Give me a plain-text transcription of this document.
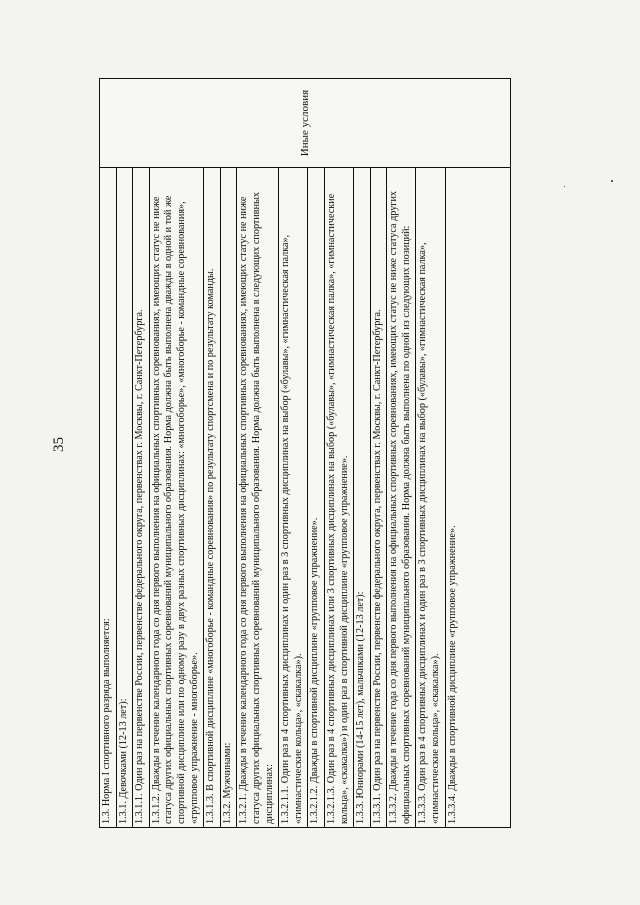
35
1.3. Норма I спортивного разряда выполняется: 1.3.1. Девочками (12-13 лет): 1.3.1.1. Один раз на первенстве России, первенстве федерального округа, первенствах г. Москвы, г. Санкт-Петербурга. 1.3.1.2. Дважды в течение календарного года со дня первого выполнения на официальных спортивных соревнованиях, имеющих статус не ниже статуса других официальных спортивных соревнований муниципального образования. Норма должна быть выполнена дважды в одной и той же спортивной дисциплине или по одному разу в двух разных спортивных дисциплинах: «многоборье», «многоборье - командные соревнования», «групповое упражнение - многоборье». 1.3.1.3. В спортивной дисциплине «многоборье - командные соревнования» по результату спортсмена и по результату команды. 1.3.2. Мужчинами: 1.3.2.1. Дважды в течение календарного года со дня первого выполнения на официальных спортивных соревнованиях, имеющих статус не ниже статуса других официальных спортивных соревнований муниципального образования. Норма должна быть выполнена в следующих спортивных дисциплинах: 1.3.2.1.1. Один раз в 4 спортивных дисциплинах и один раз в 3 спортивных дисциплинах на выбор («булавы», «гимнастическая палка», «гимнастические кольца», «скакалка»). 1.3.2.1.2. Дважды в спортивной дисциплине «групповое упражнение». 1.3.2.1.3. Один раз в 4 спортивных дисциплинах или 3 спортивных дисциплинах на выбор («булавы», «гимнастическая палка», «гимнастические кольца», «скакалка») и один раз в спортивной дисциплине «групповое упражнение». 1.3.3. Юниорами (14-15 лет), мальчиками (12-13 лет): 1.3.3.1. Один раз на первенстве России, первенстве федерального округа, первенствах г. Москвы, г. Санкт-Петербурга. 1.3.3.2. Дважды в течение года со дня первого выполнения на официальных спортивных соревнованиях, имеющих статус не ниже статуса других официальных спортивных соревнований муниципального образования. Норма должна быть выполнена по одной из следующих позиций: 1.3.3.3. Один раз в 4 спортивных дисциплинах и один раз в 3 спортивных дисциплинах на выбор («булавы», «гимнастическая палка», «гимнастические кольца», «скакалка»). 1.3.3.4. Дважды в спортивной дисциплине «групповое упражнение».
Иные условия
